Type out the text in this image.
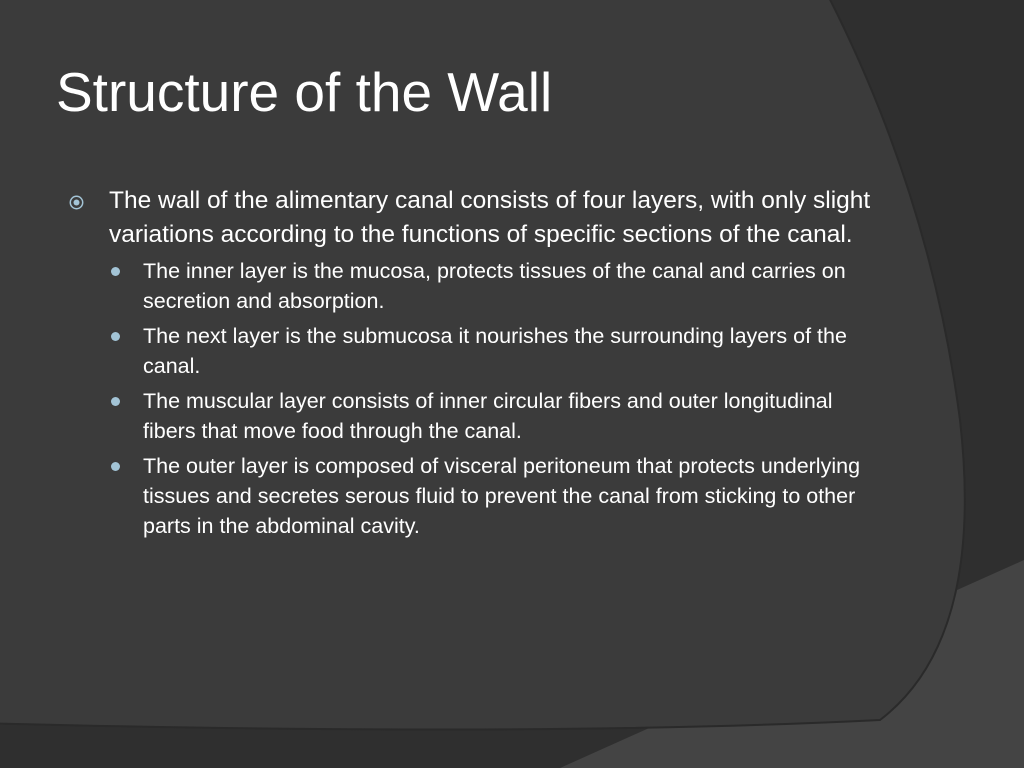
Structure of the Wall
The wall of the alimentary canal consists of four layers, with only slight variations according to the functions of specific sections of the canal.
The inner layer is the mucosa, protects tissues of the canal and carries on secretion and absorption.
The next layer is the submucosa it nourishes the surrounding layers of the canal.
The muscular layer consists of inner circular fibers and outer longitudinal fibers that move food through the canal.
The outer layer is composed of visceral peritoneum that protects underlying tissues and secretes serous fluid to prevent the canal from sticking to other parts in the abdominal cavity.
